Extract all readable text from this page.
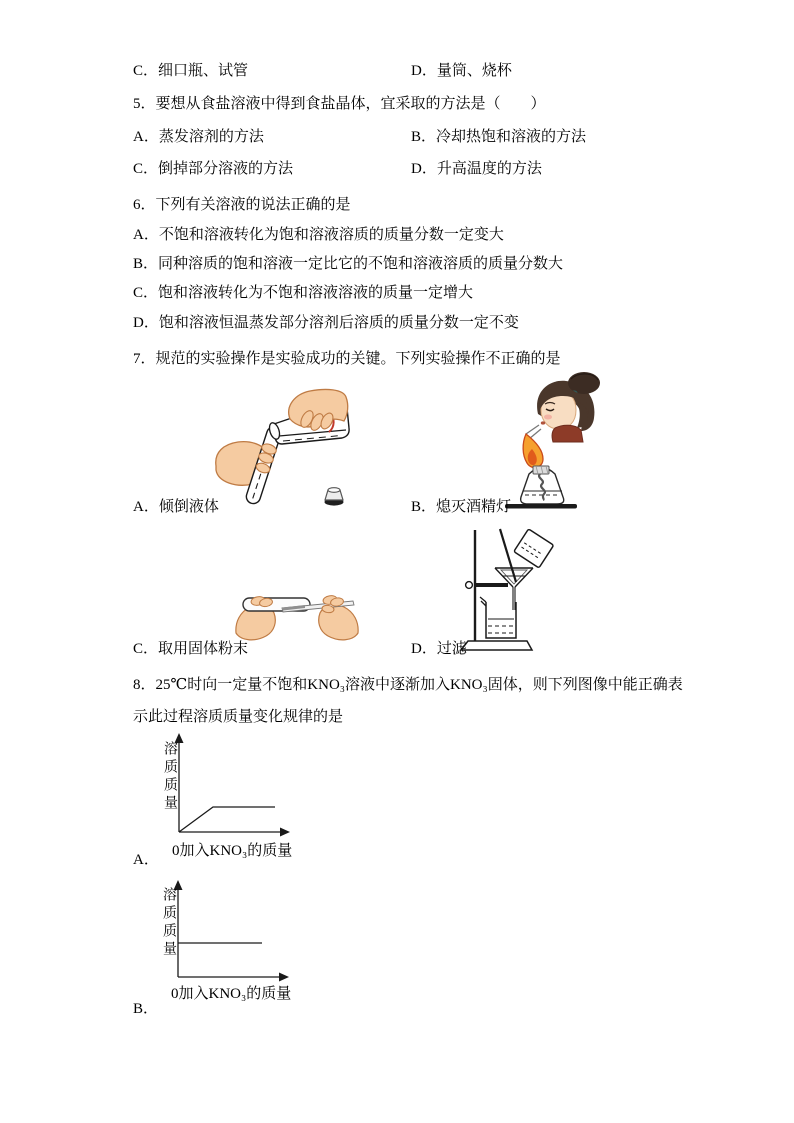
C．细口瓶、试管	D．量筒、烧杯
5．要想从食盐溶液中得到食盐晶体，宜采取的方法是（　　）
A．蒸发溶剂的方法	B．冷却热饱和溶液的方法
C．倒掉部分溶液的方法	D．升高温度的方法
6．下列有关溶液的说法正确的是
A．不饱和溶液转化为饱和溶液溶质的质量分数一定变大
B．同种溶质的饱和溶液一定比它的不饱和溶液溶质的质量分数大
C．饱和溶液转化为不饱和溶液溶液的质量一定增大
D．饱和溶液恒温蒸发部分溶剂后溶质的质量分数一定不变
7．规范的实验操作是实验成功的关键。下列实验操作不正确的是
A．倾倒液体	B．熄灭酒精灯
C．取用固体粉末	D．过滤
8．25℃时向一定量不饱和KNO₃溶液中逐渐加入KNO₃固体，则下列图像中能正确表
示此过程溶质质量变化规律的是
溶质质量
0加入KNO₃的质量
A．
溶质质量
0加入KNO₃的质量
B．
